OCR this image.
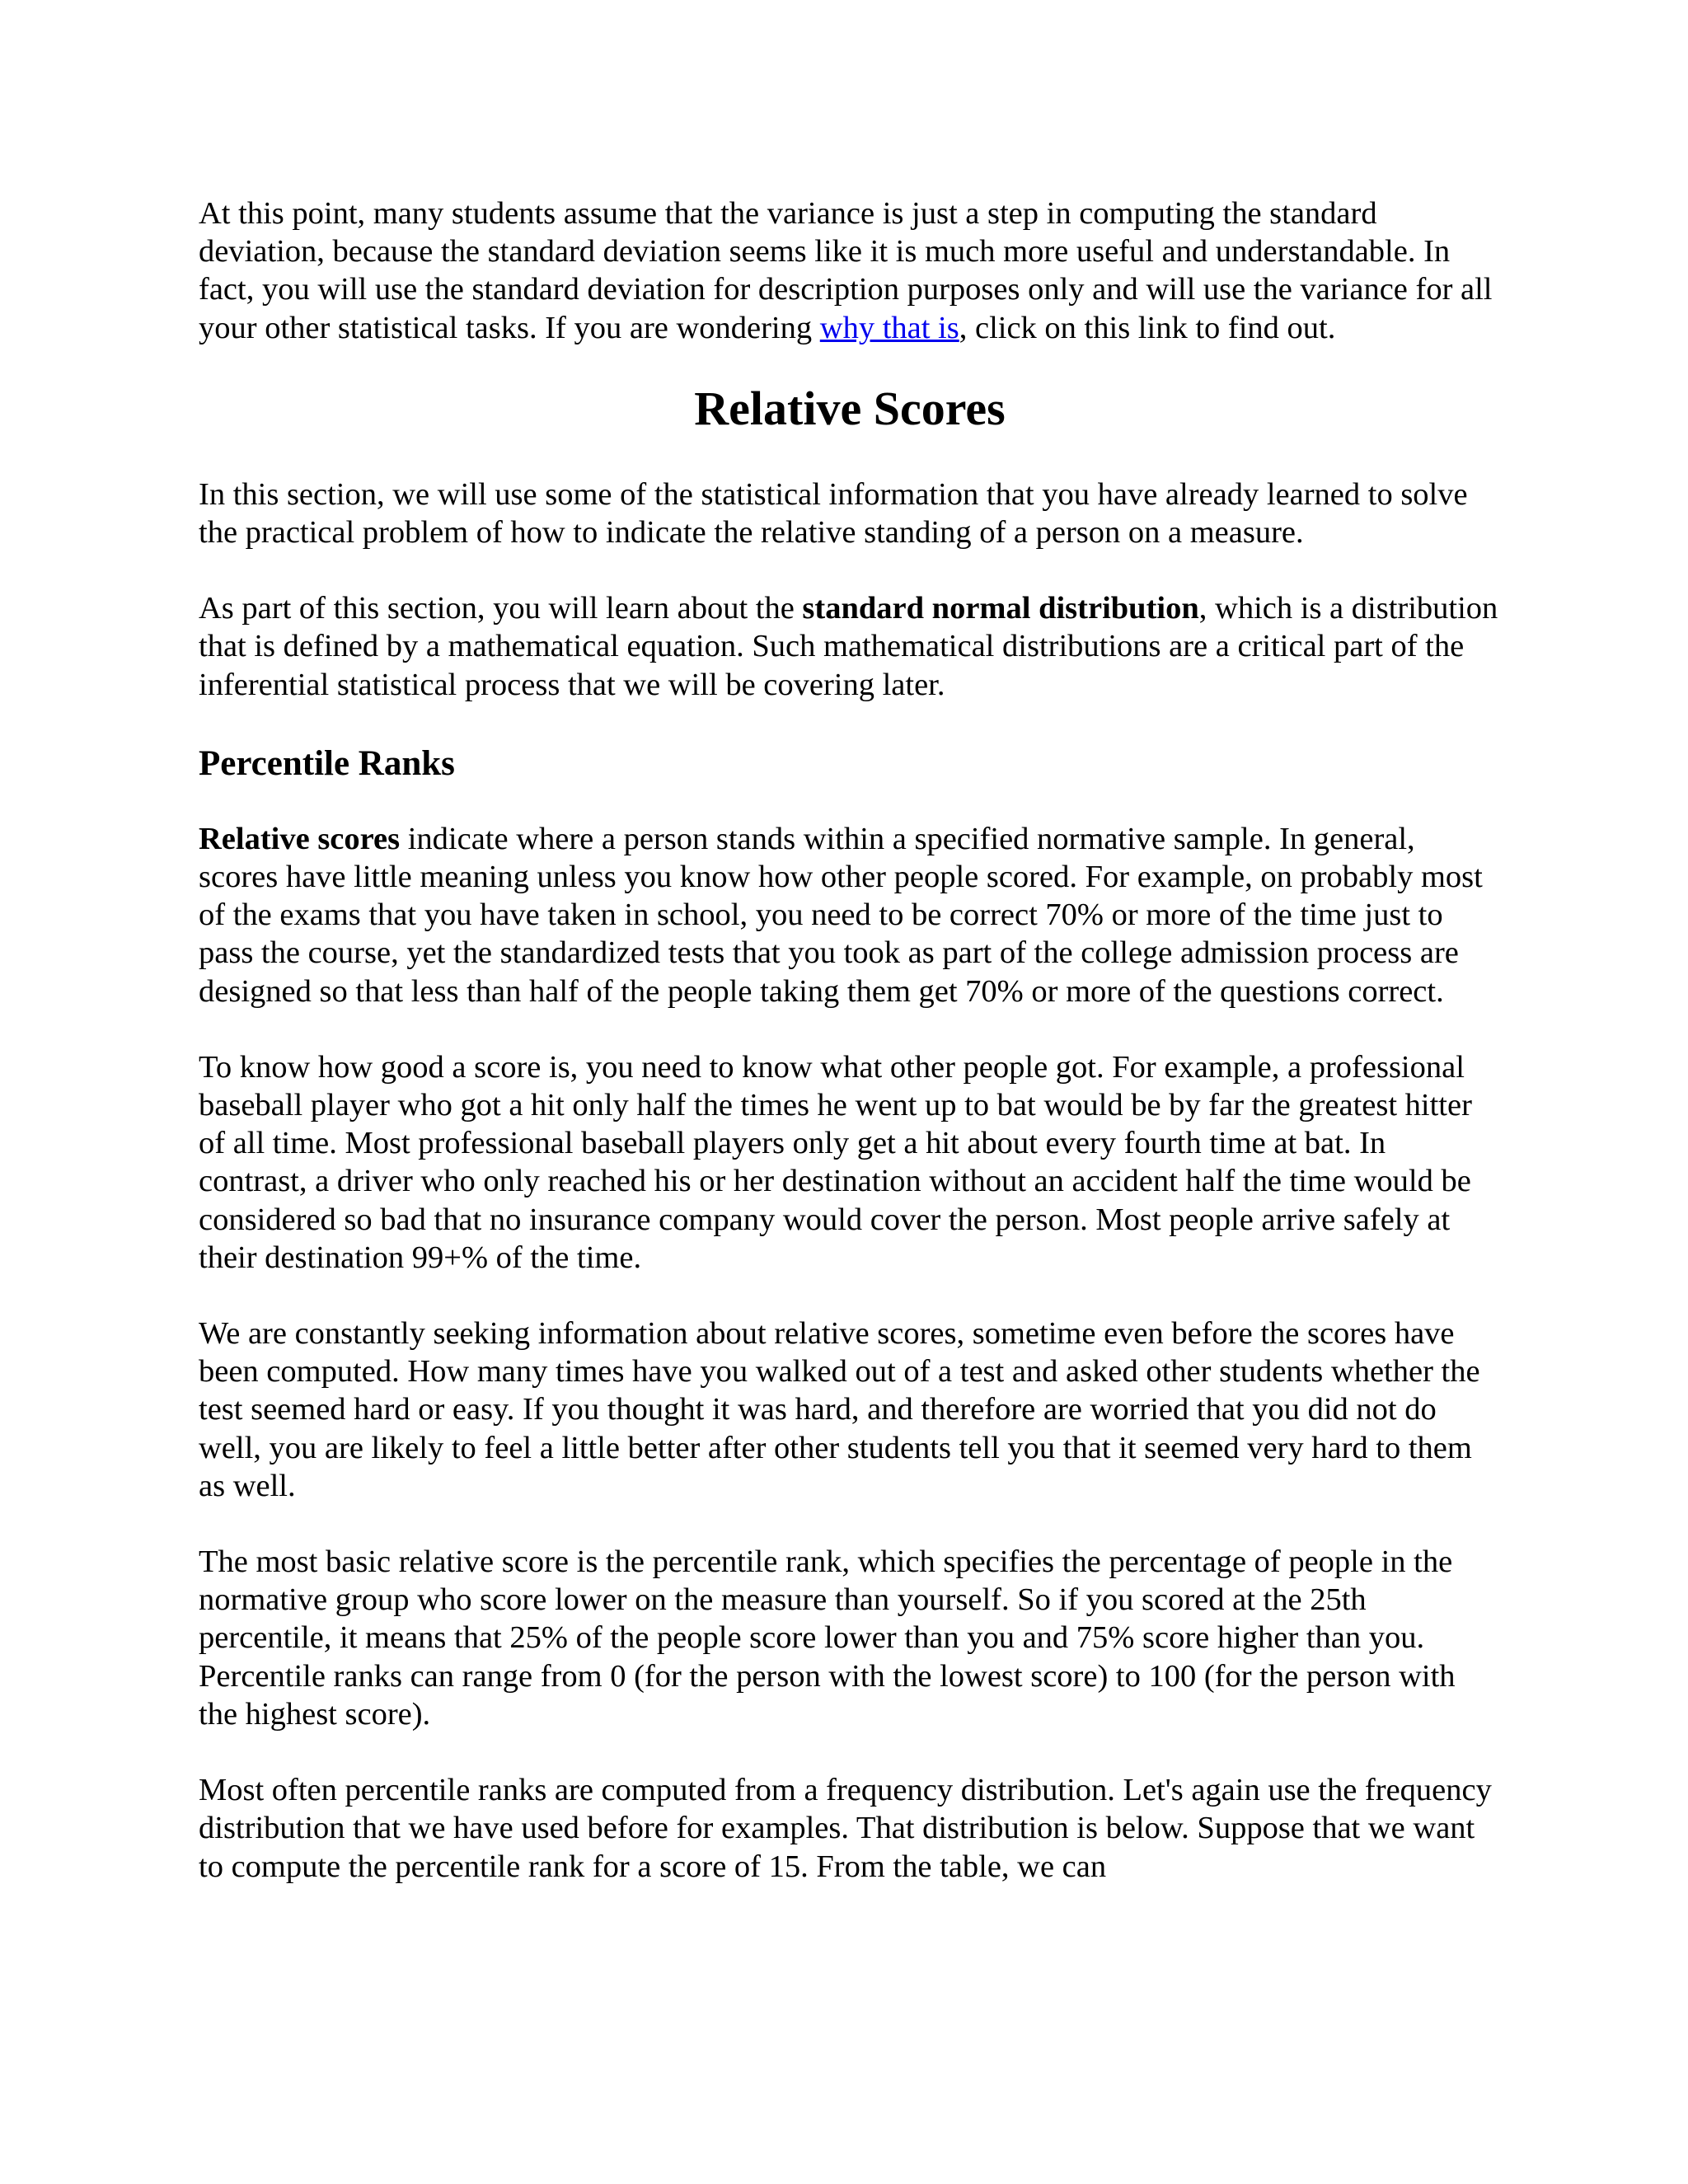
At this point, many students assume that the variance is just a step in computing the standard deviation, because the standard deviation seems like it is much more useful and understandable. In fact, you will use the standard deviation for description purposes only and will use the variance for all your other statistical tasks. If you are wondering why that is, click on this link to find out.

Relative Scores

In this section, we will use some of the statistical information that you have already learned to solve the practical problem of how to indicate the relative standing of a person on a measure.

As part of this section, you will learn about the standard normal distribution, which is a distribution that is defined by a mathematical equation. Such mathematical distributions are a critical part of the inferential statistical process that we will be covering later.

Percentile Ranks

Relative scores indicate where a person stands within a specified normative sample. In general, scores have little meaning unless you know how other people scored. For example, on probably most of the exams that you have taken in school, you need to be correct 70% or more of the time just to pass the course, yet the standardized tests that you took as part of the college admission process are designed so that less than half of the people taking them get 70% or more of the questions correct.

To know how good a score is, you need to know what other people got. For example, a professional baseball player who got a hit only half the times he went up to bat would be by far the greatest hitter of all time. Most professional baseball players only get a hit about every fourth time at bat. In contrast, a driver who only reached his or her destination without an accident half the time would be considered so bad that no insurance company would cover the person. Most people arrive safely at their destination 99+% of the time.

We are constantly seeking information about relative scores, sometime even before the scores have been computed. How many times have you walked out of a test and asked other students whether the test seemed hard or easy. If you thought it was hard, and therefore are worried that you did not do well, you are likely to feel a little better after other students tell you that it seemed very hard to them as well.

The most basic relative score is the percentile rank, which specifies the percentage of people in the normative group who score lower on the measure than yourself. So if you scored at the 25th percentile, it means that 25% of the people score lower than you and 75% score higher than you. Percentile ranks can range from 0 (for the person with the lowest score) to 100 (for the person with the highest score).

Most often percentile ranks are computed from a frequency distribution. Let's again use the frequency distribution that we have used before for examples. That distribution is below. Suppose that we want to compute the percentile rank for a score of 15. From the table, we can
